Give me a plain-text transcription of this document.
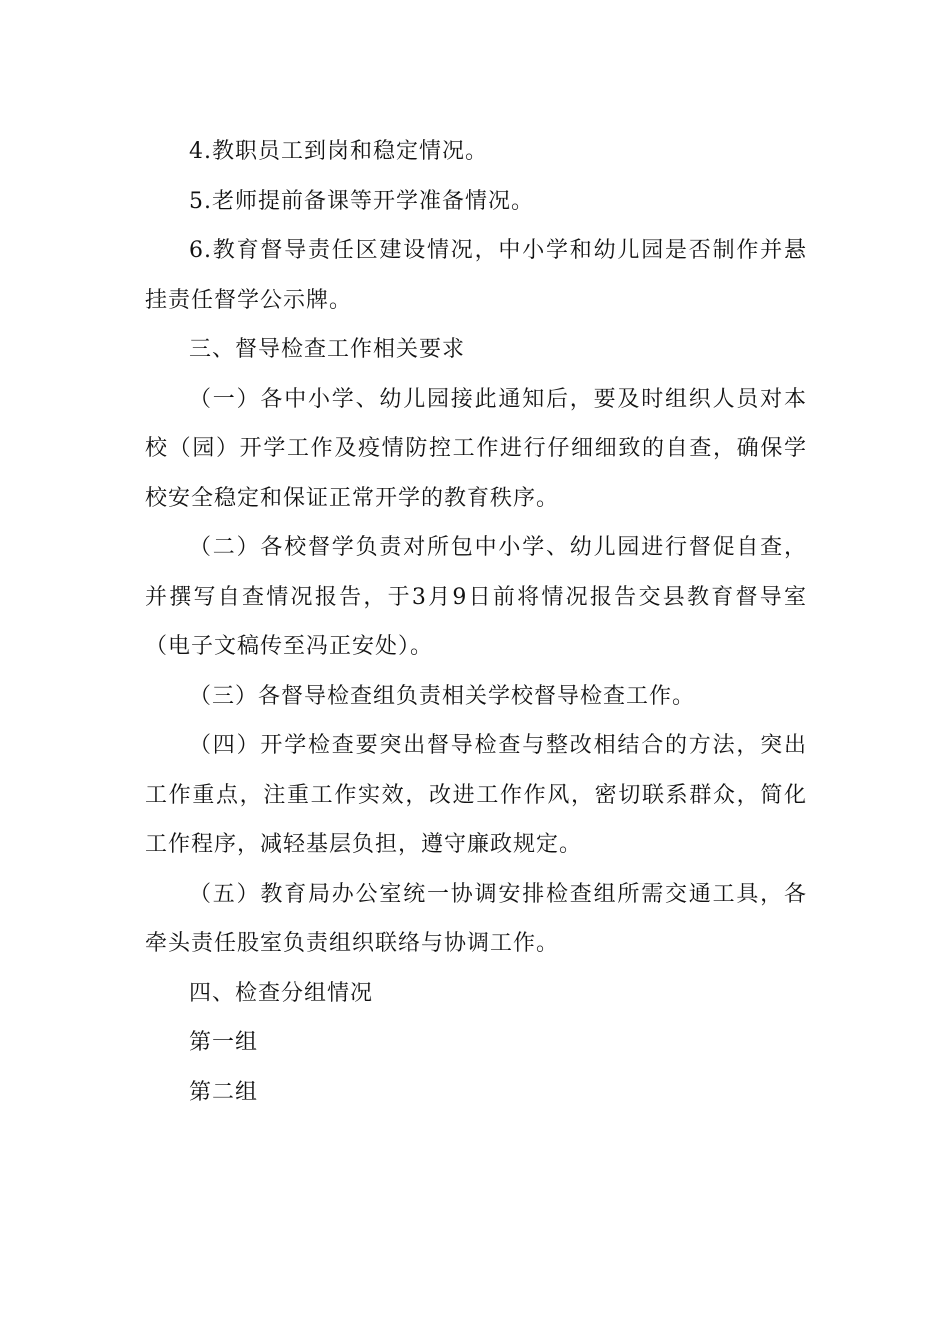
4.教职员工到岗和稳定情况。

5.老师提前备课等开学准备情况。

6.教育督导责任区建设情况，中小学和幼儿园是否制作并悬挂责任督学公示牌。

三、督导检查工作相关要求

（一）各中小学、幼儿园接此通知后，要及时组织人员对本校（园）开学工作及疫情防控工作进行仔细细致的自查，确保学校安全稳定和保证正常开学的教育秩序。

（二）各校督学负责对所包中小学、幼儿园进行督促自查，并撰写自查情况报告，于3月9日前将情况报告交县教育督导室（电子文稿传至冯正安处）。

（三）各督导检查组负责相关学校督导检查工作。

（四）开学检查要突出督导检查与整改相结合的方法，突出工作重点，注重工作实效，改进工作作风，密切联系群众，简化工作程序，减轻基层负担，遵守廉政规定。

（五）教育局办公室统一协调安排检查组所需交通工具，各牵头责任股室负责组织联络与协调工作。

四、检查分组情况

第一组

第二组
